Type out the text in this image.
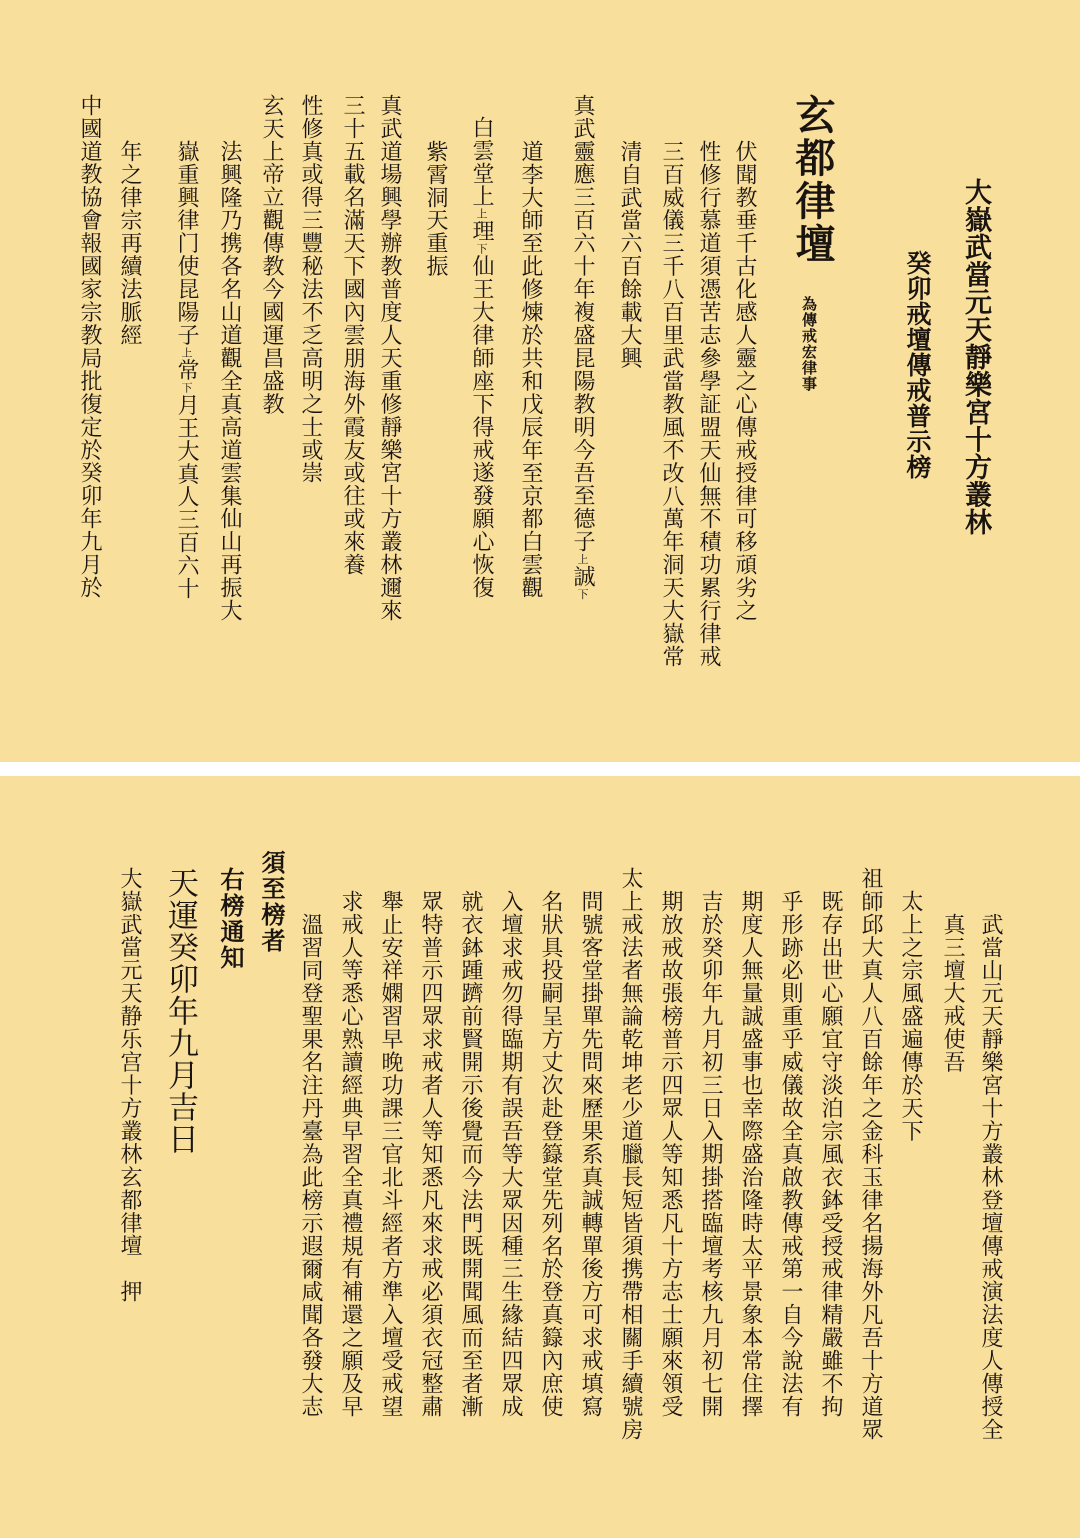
大嶽武當元天靜樂宮十方叢林
癸卯戒壇傳戒普示榜
玄都律壇
為傳戒宏律事
伏聞教垂千古化感人靈之心傳戒授律可移頑劣之
性修行慕道須憑苦志參學証盟天仙無不積功累行律戒
三百威儀三千八百里武當教風不改八萬年洞天大嶽常
清自武當六百餘載大興
真武靈應三百六十年複盛昆陽教明今吾至德子上誠下
道李大師至此修煉於共和戊辰年至京都白雲觀
白雲堂上上理下仙王大律師座下得戒遂發願心恢復
紫霄洞天重振
真武道場興學辦教普度人天重修靜樂宮十方叢林邇來
三十五載名滿天下國內雲朋海外霞友或往或來養
性修真或得三豐秘法不乏高明之士或崇
玄天上帝立觀傳教今國運昌盛教
法興隆乃携各名山道觀全真高道雲集仙山再振大
嶽重興律门使昆陽子上常下月王大真人三百六十
年之律宗再續法脈經
中國道教協會報國家宗教局批復定於癸卯年九月於
武當山元天靜樂宮十方叢林登壇傳戒演法度人傳授全
真三壇大戒使吾
太上之宗風盛遍傳於天下
祖師邱大真人八百餘年之金科玉律名揚海外凡吾十方道眾
既存出世心願宜守淡泊宗風衣鉢受授戒律精嚴雖不拘
乎形跡必則重乎威儀故全真啟教傳戒第一自今說法有
期度人無量誠盛事也幸際盛治隆時太平景象本常住擇
吉於癸卯年九月初三日入期掛搭臨壇考核九月初七開
期放戒故張榜普示四眾人等知悉凡十方志士願來領受
太上戒法者無論乾坤老少道臘長短皆須携帶相關手續號房
問號客堂掛單先問來歷果系真誠轉單後方可求戒填寫
名狀具投嗣呈方丈次赴登籙堂先列名於登真籙內庶使
入壇求戒勿得臨期有誤吾等大眾因種三生緣結四眾成
就衣鉢踵躋前賢開示後覺而今法門既開聞風而至者漸
眾特普示四眾求戒者人等知悉凡來求戒必須衣冠整肅
舉止安祥嫻習早晚功課三官北斗經者方準入壇受戒望
求戒人等悉心熟讀經典早習全真禮規有補還之願及早
溫習同登聖果名注丹臺為此榜示遐爾咸聞各發大志
須至榜者
右榜通知
天運癸卯年九月吉日
大嶽武當元天静乐宫十方叢林玄都律壇　押
